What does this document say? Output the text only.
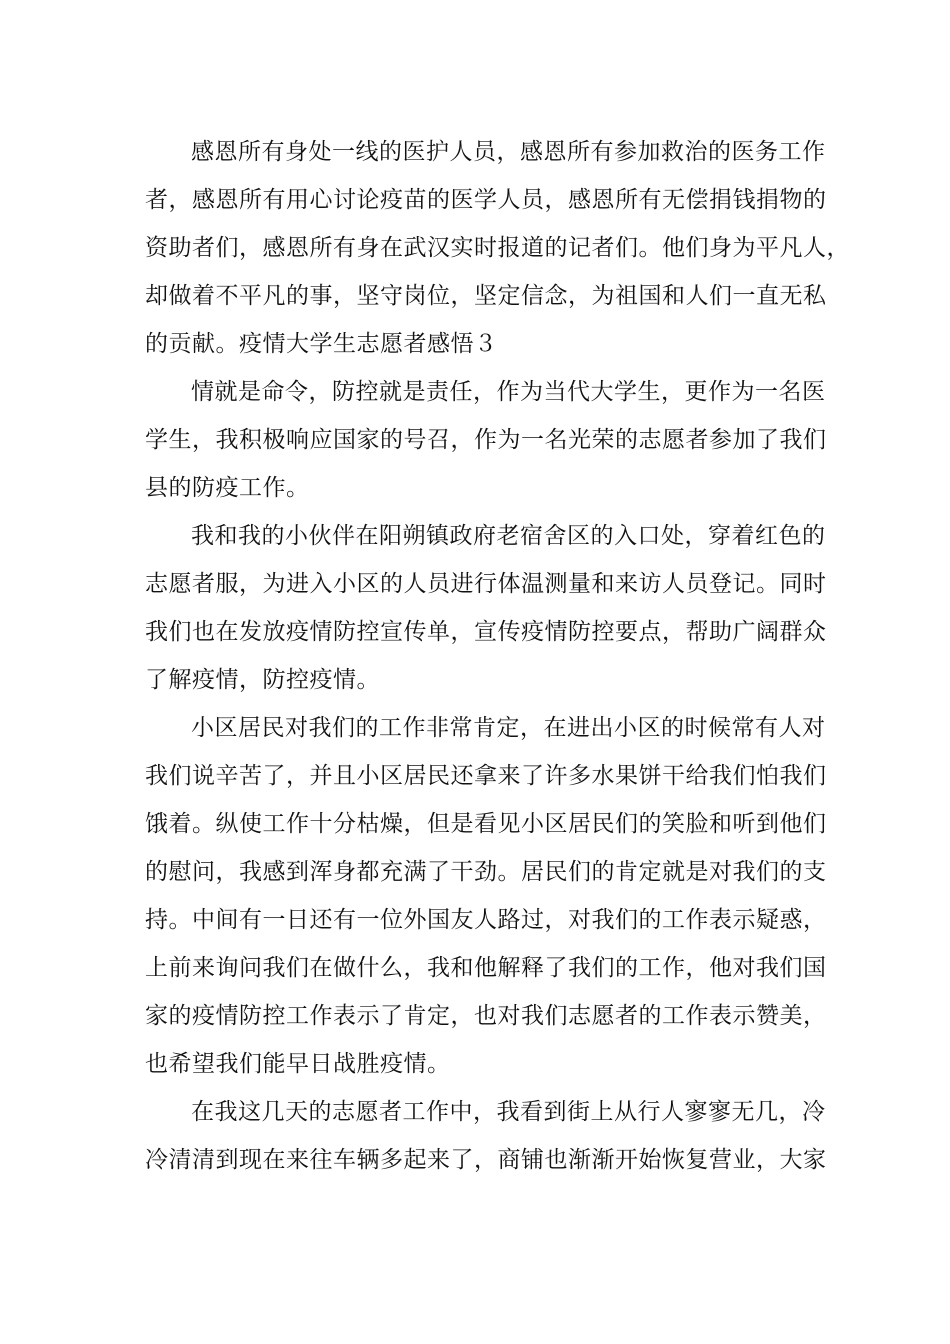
感恩所有身处一线的医护人员，感恩所有参加救治的医务工作
者，感恩所有用心讨论疫苗的医学人员，感恩所有无偿捐钱捐物的
资助者们，感恩所有身在武汉实时报道的记者们。他们身为平凡人，
却做着不平凡的事，坚守岗位，坚定信念，为祖国和人们一直无私
的贡献。疫情大学生志愿者感悟３

情就是命令，防控就是责任，作为当代大学生，更作为一名医
学生，我积极响应国家的号召，作为一名光荣的志愿者参加了我们
县的防疫工作。

我和我的小伙伴在阳朔镇政府老宿舍区的入口处，穿着红色的
志愿者服，为进入小区的人员进行体温测量和来访人员登记。同时
我们也在发放疫情防控宣传单，宣传疫情防控要点，帮助广阔群众
了解疫情，防控疫情。

小区居民对我们的工作非常肯定，在进出小区的时候常有人对
我们说辛苦了，并且小区居民还拿来了许多水果饼干给我们怕我们
饿着。纵使工作十分枯燥，但是看见小区居民们的笑脸和听到他们
的慰问，我感到浑身都充满了干劲。居民们的肯定就是对我们的支
持。中间有一日还有一位外国友人路过，对我们的工作表示疑惑，
上前来询问我们在做什么，我和他解释了我们的工作，他对我们国
家的疫情防控工作表示了肯定，也对我们志愿者的工作表示赞美，
也希望我们能早日战胜疫情。

在我这几天的志愿者工作中，我看到街上从行人寥寥无几，冷
冷清清到现在来往车辆多起来了，商铺也渐渐开始恢复营业，大家
